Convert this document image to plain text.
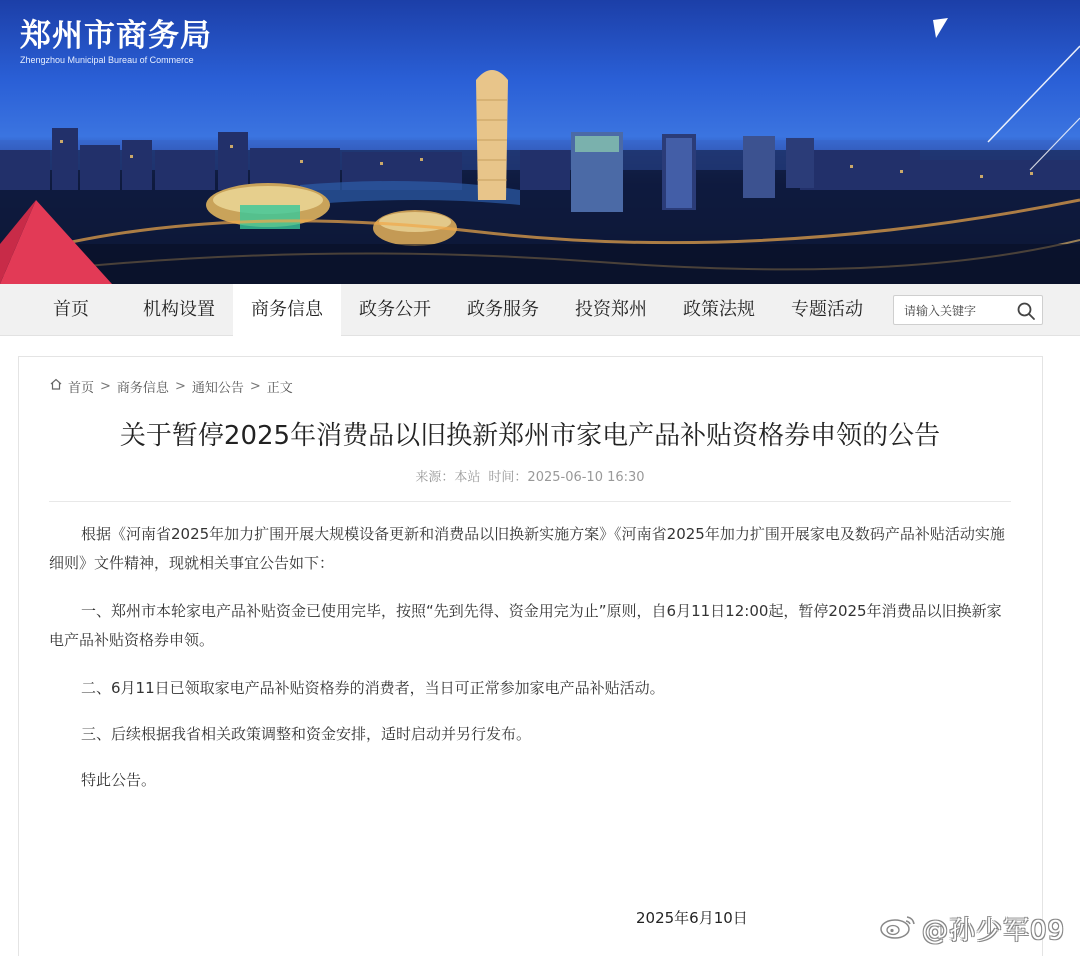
郑州市商务局
Zhengzhou Municipal Bureau of Commerce
首页	机构设置	商务信息	政务公开	政务服务	投资郑州	政策法规	专题活动
请输入关键字
首页 > 商务信息 > 通知公告 > 正文
关于暂停2025年消费品以旧换新郑州市家电产品补贴资格券申领的公告
来源：本站 时间：2025-06-10 16:30

根据《河南省2025年加力扩围开展大规模设备更新和消费品以旧换新实施方案》《河南省2025年加力扩围开展家电及数码产品补贴活动实施细则》文件精神，现就相关事宜公告如下：

一、郑州市本轮家电产品补贴资金已使用完毕，按照“先到先得、资金用完为止”原则，自6月11日12:00起，暂停2025年消费品以旧换新家电产品补贴资格券申领。

二、6月11日已领取家电产品补贴资格券的消费者，当日可正常参加家电产品补贴活动。

三、后续根据我省相关政策调整和资金安排，适时启动并另行发布。

特此公告。

2025年6月10日	@孙少军09
